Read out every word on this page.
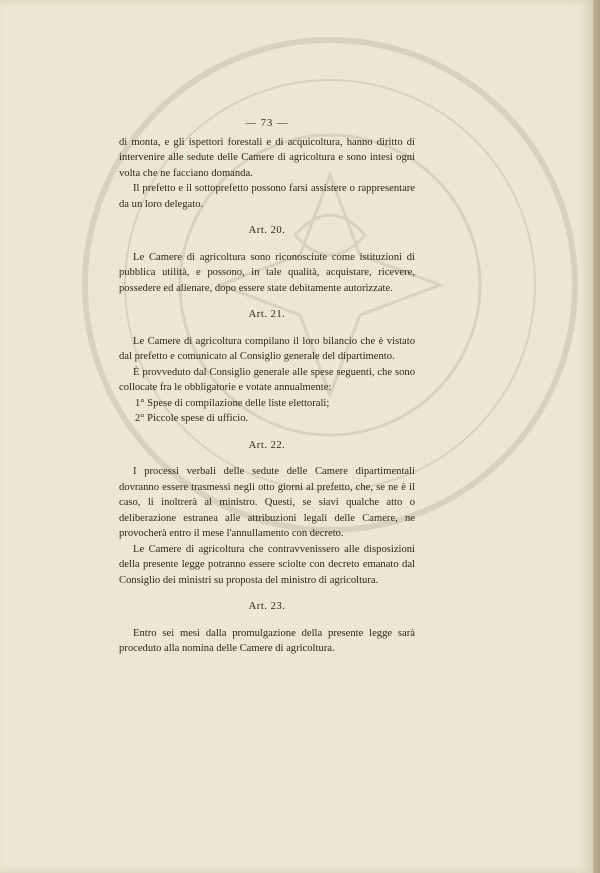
— 73 —

di monta, e gli ispettori forestali e di acquicoltura, hanno diritto di intervenire alle sedute delle Camere di agricoltura e sono intesi ogni volta che ne facciano domanda.

Il prefetto e il sottoprefetto possono farsi assistere o rappresentare da un loro delegato.

Art. 20.

Le Camere di agricoltura sono riconosciute come istituzioni di pubblica utilità, e possono, in tale qualità, acquistare, ricevere, possedere ed alienare, dopo essere state debitamente autorizzate.

Art. 21.

Le Camere di agricoltura compilano il loro bilancio che è vistato dal prefetto e comunicato al Consiglio generale del dipartimento.

È provveduto dal Consiglio generale alle spese seguenti, che sono collocate fra le obbligatorie e votate annualmente:

1° Spese di compilazione delle liste elettorali;

2° Piccole spese di ufficio.

Art. 22.

I processi verbali delle sedute delle Camere dipartimentali dovranno essere trasmessi negli otto giorni al prefetto, che, se ne è il caso, li inoltrerà al ministro. Questi, se siavi qualche atto o deliberazione estranea alle attribuzioni legali delle Camere, ne provocherà entro il mese l'annullamento con decreto.

Le Camere di agricoltura che contravvenissero alle disposizioni della presente legge potranno essere sciolte con decreto emanato dal Consiglio dei ministri su proposta del ministro di agricoltura.

Art. 23.

Entro sei mesi dalla promulgazione della presente legge sarà proceduto alla nomina delle Camere di agricoltura.
